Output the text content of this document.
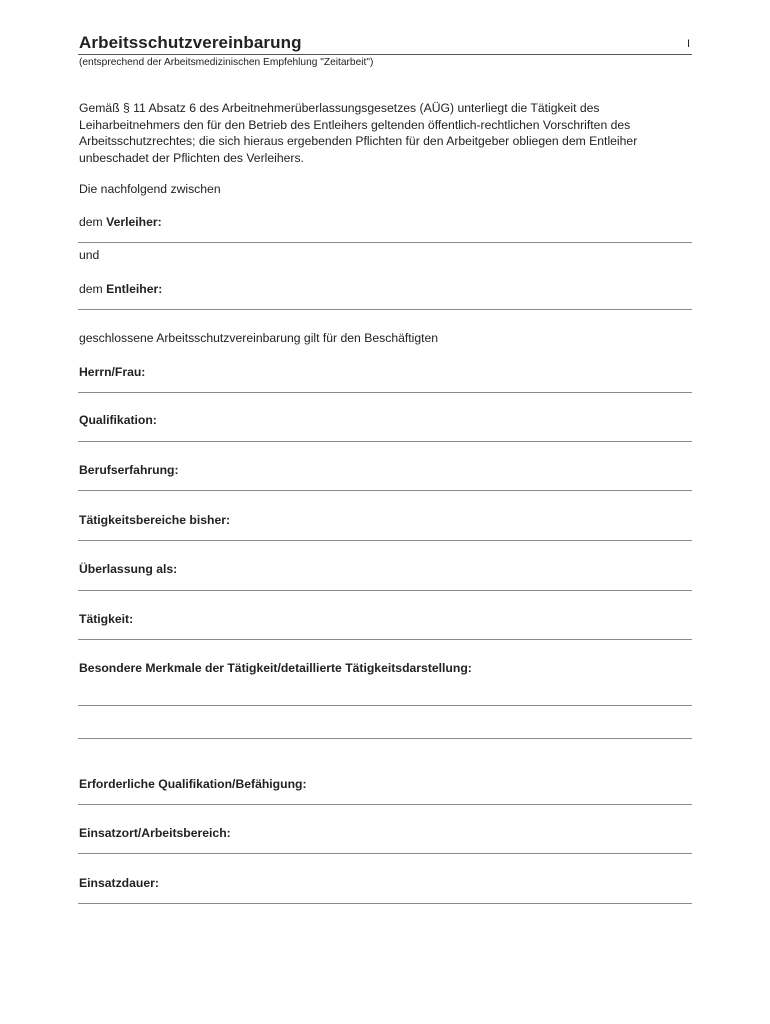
Arbeitsschutzvereinbarung	I
(entsprechend der Arbeitsmedizinischen Empfehlung "Zeitarbeit")

Gemäß § 11 Absatz 6 des Arbeitnehmerüberlassungsgesetzes (AÜG) unterliegt die Tätigkeit des Leiharbeitnehmers den für den Betrieb des Entleihers geltenden öffentlich-rechtlichen Vorschriften des Arbeitsschutzrechtes; die sich hieraus ergebenden Pflichten für den Arbeitgeber obliegen dem Entleiher unbeschadet der Pflichten des Verleihers.

Die nachfolgend zwischen
dem Verleiher:
und
dem Entleiher:
geschlossene Arbeitsschutzvereinbarung gilt für den Beschäftigten
Herrn/Frau:
Qualifikation:
Berufserfahrung:
Tätigkeitsbereiche bisher:
Überlassung als:
Tätigkeit:
Besondere Merkmale der Tätigkeit/detaillierte Tätigkeitsdarstellung:
Erforderliche Qualifikation/Befähigung:
Einsatzort/Arbeitsbereich:
Einsatzdauer:
